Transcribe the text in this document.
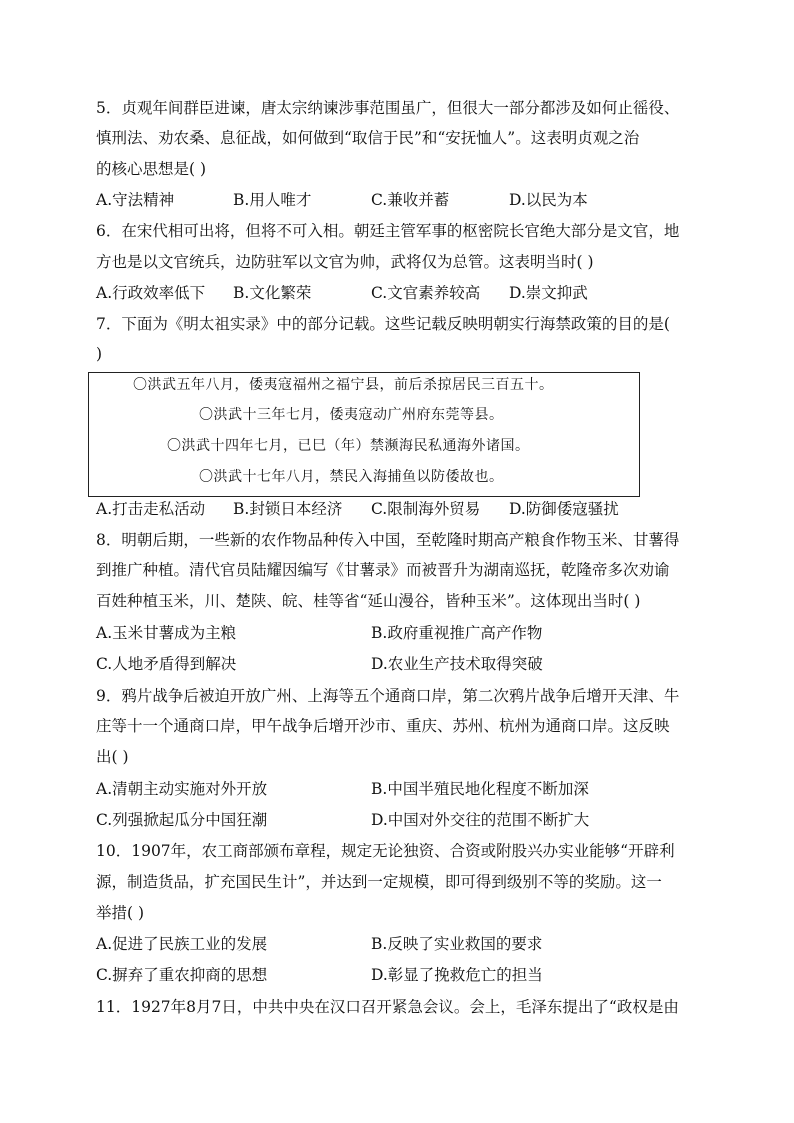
5．贞观年间群臣进谏，唐太宗纳谏涉事范围虽广，但很大一部分都涉及如何止徭役、
慎刑法、劝农桑、息征战，如何做到“取信于民”和“安抚恤人”。这表明贞观之治
的核心思想是( )
A.守法精神	B.用人唯才	C.兼收并蓄	D.以民为本
6．在宋代相可出将，但将不可入相。朝廷主管军事的枢密院长官绝大部分是文官，地
方也是以文官统兵，边防驻军以文官为帅，武将仅为总管。这表明当时( )
A.行政效率低下 B.文化繁荣	C.文官素养较高 D.崇文抑武
7．下面为《明太祖实录》中的部分记载。这些记载反映明朝实行海禁政策的目的是(
)
〇洪武五年八月，倭夷寇福州之福宁县，前后杀掠居民三百五十。
〇洪武十三年七月，倭夷寇动广州府东莞等县。
〇洪武十四年七月，已巳（年）禁濒海民私通海外诸国。
〇洪武十七年八月，禁民入海捕鱼以防倭故也。
A.打击走私活动 B.封锁日本经济 C.限制海外贸易 D.防御倭寇骚扰
8．明朝后期，一些新的农作物品种传入中国，至乾隆时期高产粮食作物玉米、甘薯得
到推广种植。清代官员陆耀因编写《甘薯录》而被晋升为湖南巡抚，乾隆帝多次劝谕
百姓种植玉米，川、楚陕、皖、桂等省“延山漫谷，皆种玉米”。这体现出当时( )
A.玉米甘薯成为主粮	B.政府重视推广高产作物
C.人地矛盾得到解决	D.农业生产技术取得突破
9．鸦片战争后被迫开放广州、上海等五个通商口岸，第二次鸦片战争后增开天津、牛
庄等十一个通商口岸，甲午战争后增开沙市、重庆、苏州、杭州为通商口岸。这反映
出( )
A.清朝主动实施对外开放	B.中国半殖民地化程度不断加深
C.列强掀起瓜分中国狂潮	D.中国对外交往的范围不断扩大
10．1907年，农工商部颁布章程，规定无论独资、合资或附股兴办实业能够“开辟利
源，制造货品，扩充国民生计”，并达到一定规模，即可得到级别不等的奖励。这一
举措( )
A.促进了民族工业的发展	B.反映了实业救国的要求
C.摒弃了重农抑商的思想	D.彰显了挽救危亡的担当
11．1927年8月7日，中共中央在汉口召开紧急会议。会上，毛泽东提出了“政权是由
